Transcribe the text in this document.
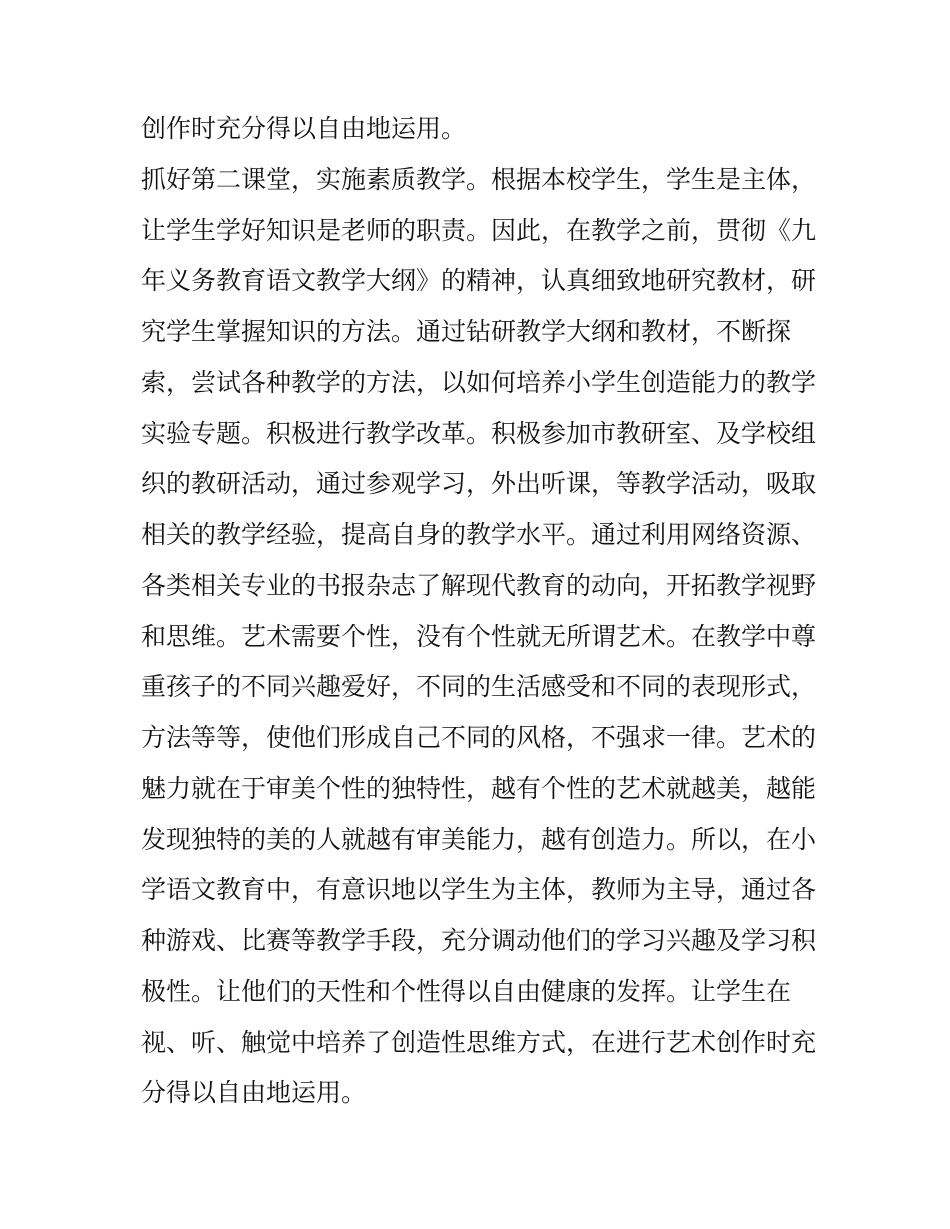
创作时充分得以自由地运用。
抓好第二课堂，实施素质教学。根据本校学生，学生是主体，
让学生学好知识是老师的职责。因此，在教学之前，贯彻《九
年义务教育语文教学大纲》的精神，认真细致地研究教材，研
究学生掌握知识的方法。通过钻研教学大纲和教材，不断探
索，尝试各种教学的方法，以如何培养小学生创造能力的教学
实验专题。积极进行教学改革。积极参加市教研室、及学校组
织的教研活动，通过参观学习，外出听课，等教学活动，吸取
相关的教学经验，提高自身的教学水平。通过利用网络资源、
各类相关专业的书报杂志了解现代教育的动向，开拓教学视野
和思维。艺术需要个性，没有个性就无所谓艺术。在教学中尊
重孩子的不同兴趣爱好，不同的生活感受和不同的表现形式，
方法等等，使他们形成自己不同的风格，不强求一律。艺术的
魅力就在于审美个性的独特性，越有个性的艺术就越美，越能
发现独特的美的人就越有审美能力，越有创造力。所以，在小
学语文教育中，有意识地以学生为主体，教师为主导，通过各
种游戏、比赛等教学手段，充分调动他们的学习兴趣及学习积
极性。让他们的天性和个性得以自由健康的发挥。让学生在
视、听、触觉中培养了创造性思维方式，在进行艺术创作时充
分得以自由地运用。
